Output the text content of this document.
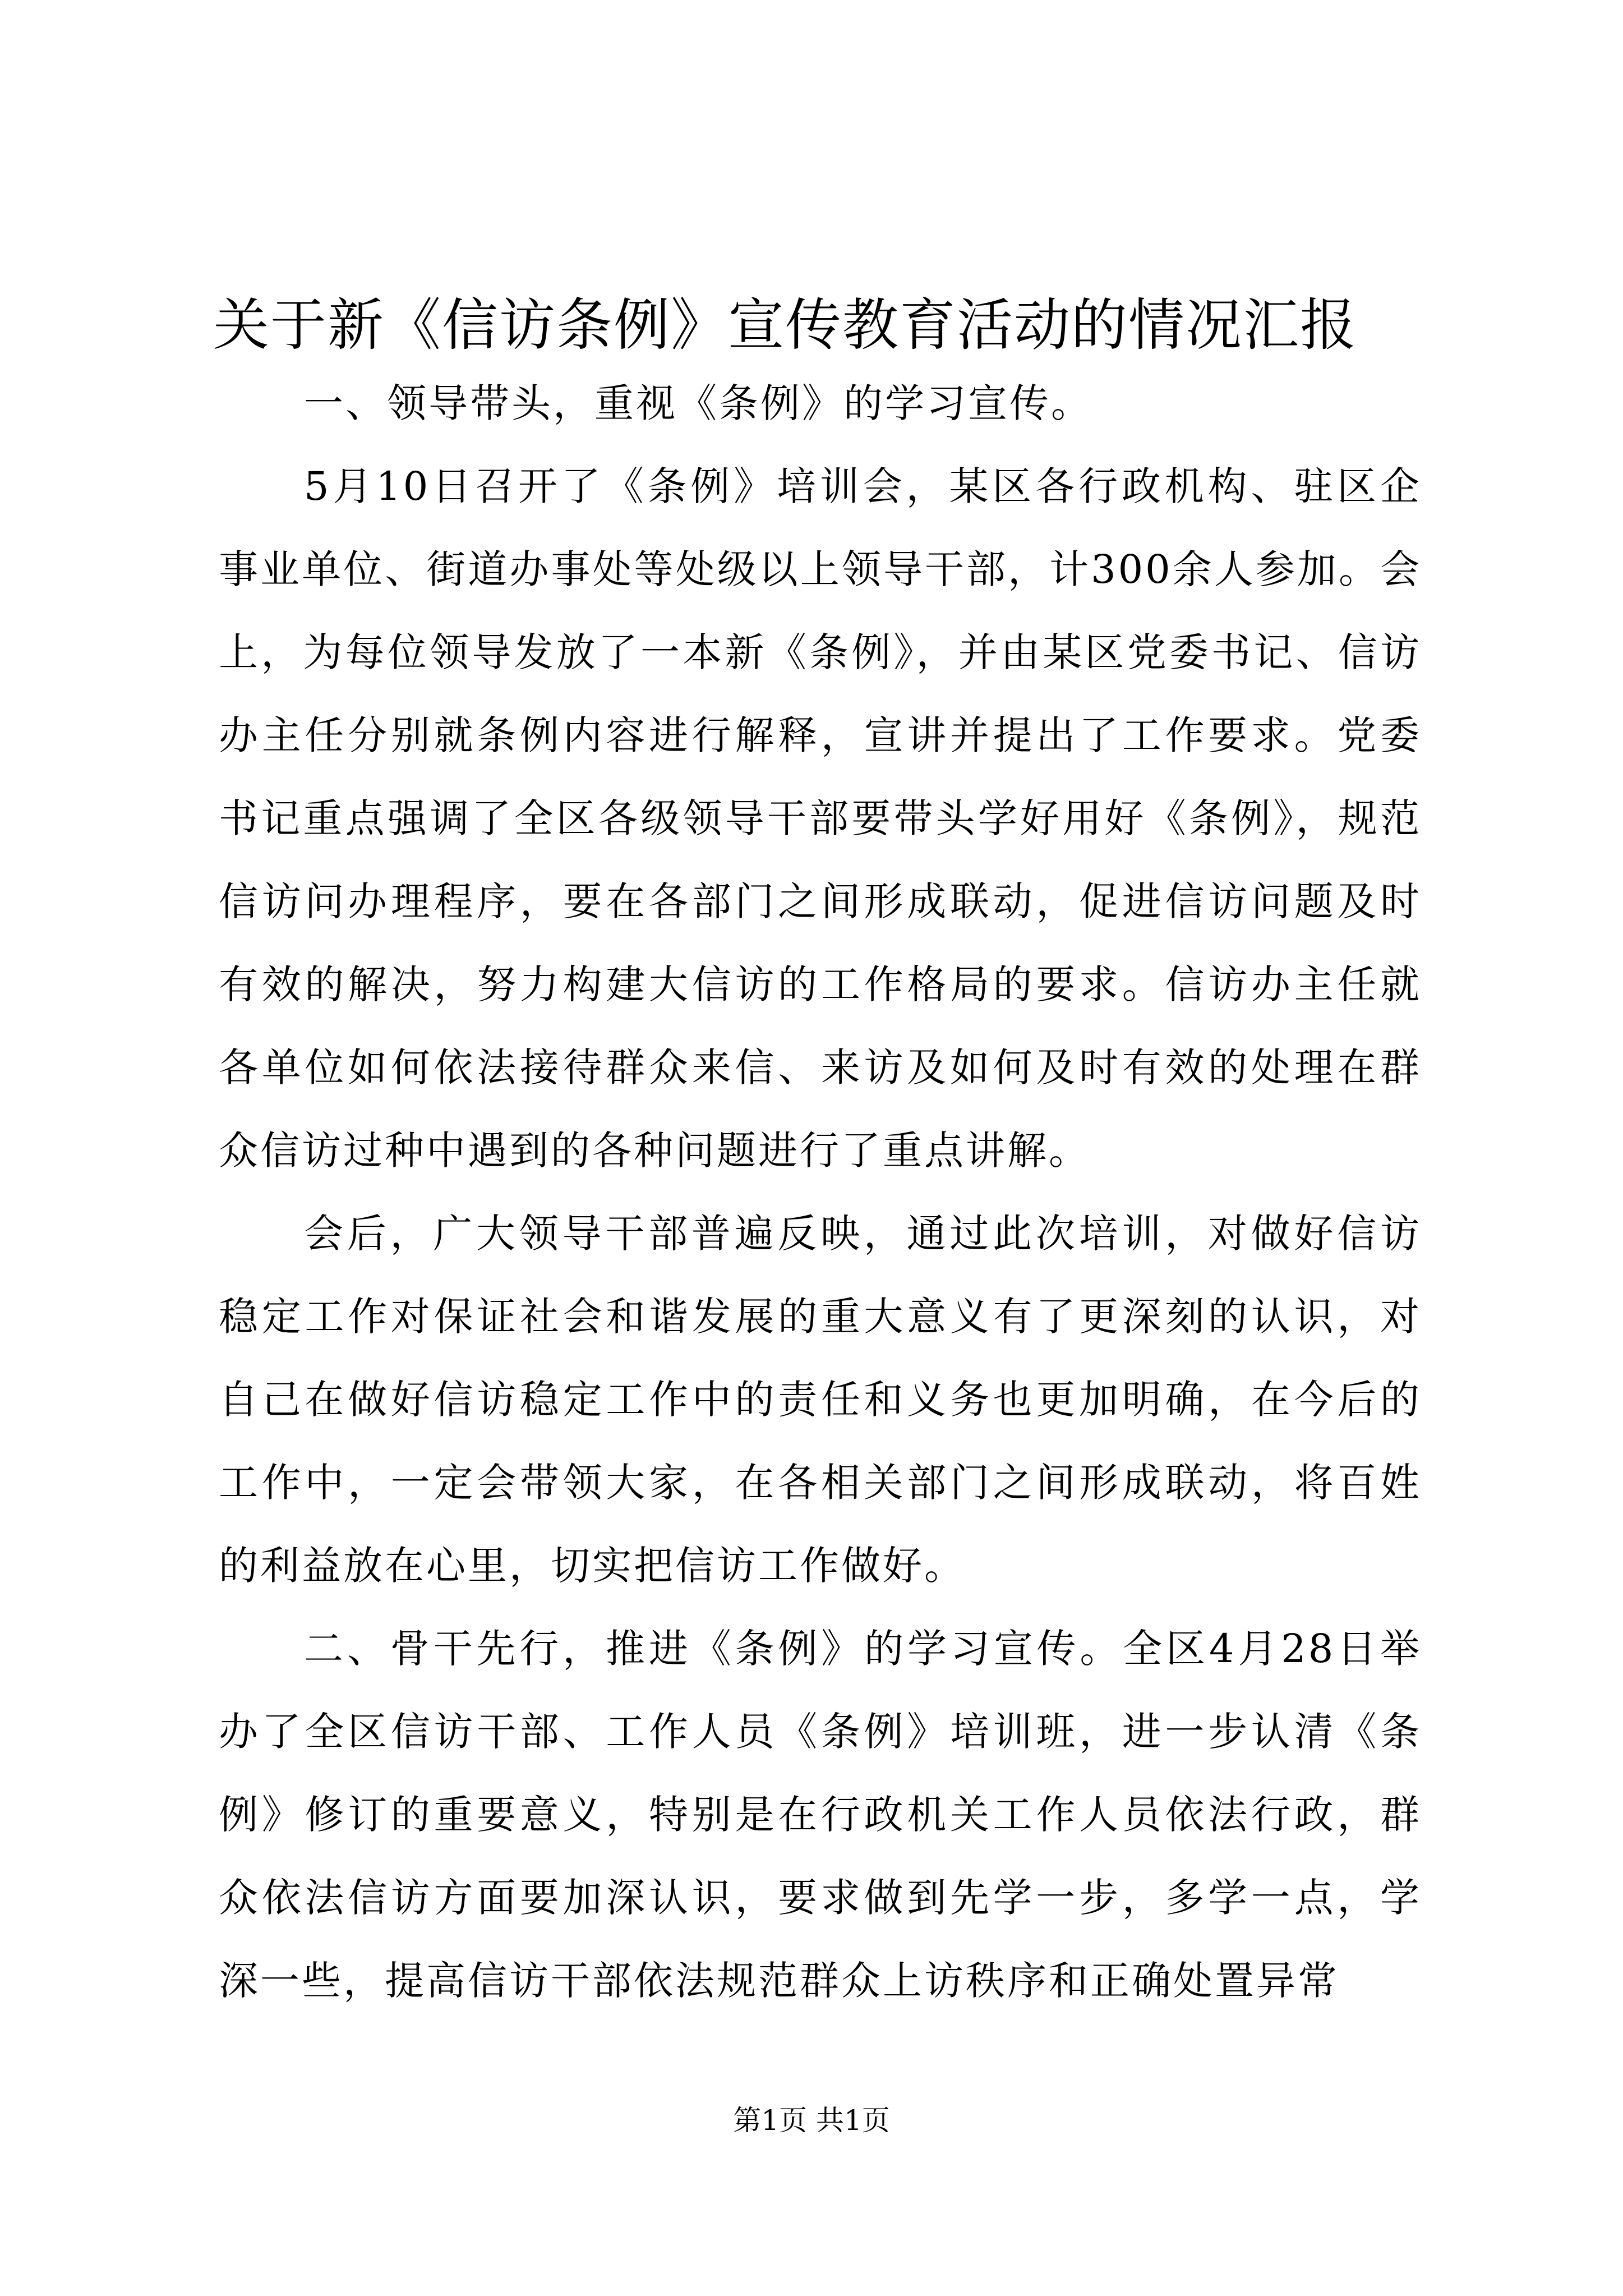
关于新《信访条例》宣传教育活动的情况汇报

一、领导带头，重视《条例》的学习宣传。

5月10日召开了《条例》培训会，某区各行政机构、驻区企事业单位、街道办事处等处级以上领导干部，计300余人参加。会上，为每位领导发放了一本新《条例》，并由某区党委书记、信访办主任分别就条例内容进行解释，宣讲并提出了工作要求。党委书记重点强调了全区各级领导干部要带头学好用好《条例》，规范信访问办理程序，要在各部门之间形成联动，促进信访问题及时有效的解决，努力构建大信访的工作格局的要求。信访办主任就各单位如何依法接待群众来信、来访及如何及时有效的处理在群众信访过种中遇到的各种问题进行了重点讲解。

会后，广大领导干部普遍反映，通过此次培训，对做好信访稳定工作对保证社会和谐发展的重大意义有了更深刻的认识，对自己在做好信访稳定工作中的责任和义务也更加明确，在今后的工作中，一定会带领大家，在各相关部门之间形成联动，将百姓的利益放在心里，切实把信访工作做好。

二、骨干先行，推进《条例》的学习宣传。全区4月28日举办了全区信访干部、工作人员《条例》培训班，进一步认清《条例》修订的重要意义，特别是在行政机关工作人员依法行政，群众依法信访方面要加深认识，要求做到先学一步，多学一点，学深一些，提高信访干部依法规范群众上访秩序和正确处置异常

第1页 共1页
